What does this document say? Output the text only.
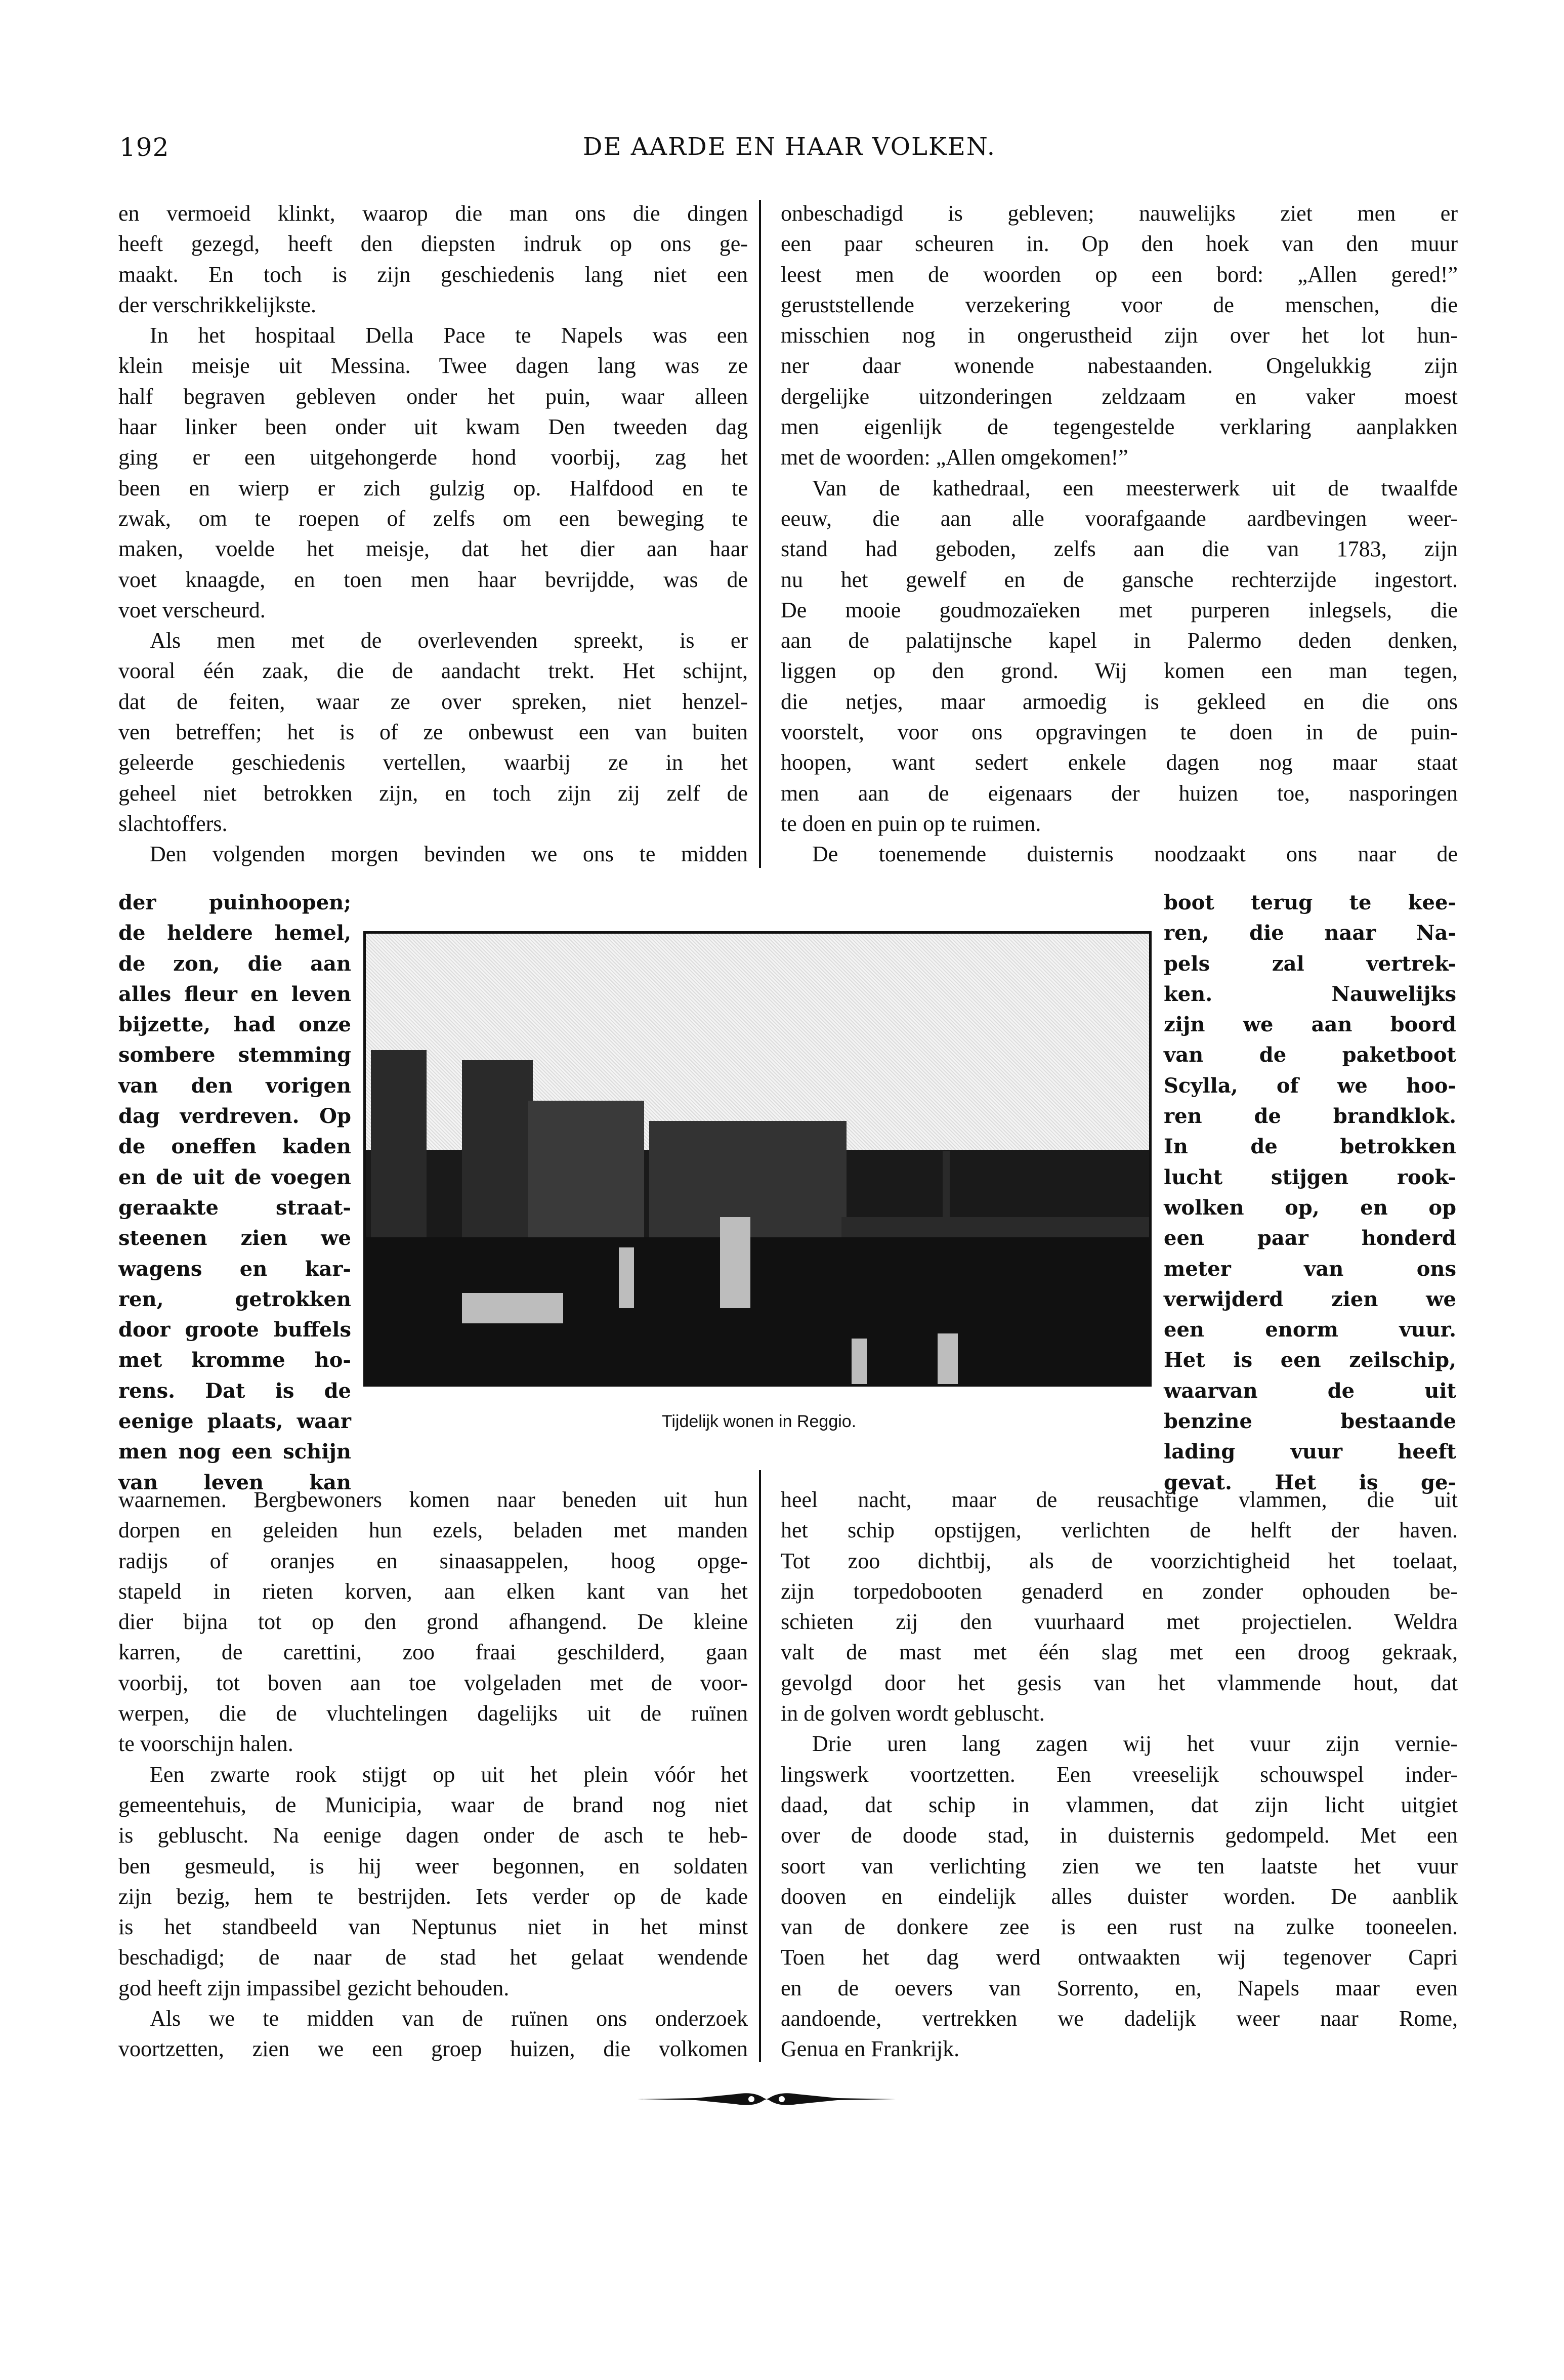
192	DE AARDE EN HAAR VOLKEN.
en vermoeid klinkt, waarop die man ons die dingen
heeft gezegd, heeft den diepsten indruk op ons ge-
maakt. En toch is zijn geschiedenis lang niet een
der verschrikkelijkste.
In het hospitaal Della Pace te Napels was een
klein meisje uit Messina. Twee dagen lang was ze
half begraven gebleven onder het puin, waar alleen
haar linker been onder uit kwam Den tweeden dag
ging er een uitgehongerde hond voorbij, zag het
been en wierp er zich gulzig op. Halfdood en te
zwak, om te roepen of zelfs om een beweging te
maken, voelde het meisje, dat het dier aan haar
voet knaagde, en toen men haar bevrijdde, was de
voet verscheurd.
Als men met de overlevenden spreekt, is er
vooral één zaak, die de aandacht trekt. Het schijnt,
dat de feiten, waar ze over spreken, niet henzel-
ven betreffen; het is of ze onbewust een van buiten
geleerde geschiedenis vertellen, waarbij ze in het
geheel niet betrokken zijn, en toch zijn zij zelf de
slachtoffers.
Den volgenden morgen bevinden we ons te midden
der puinhoopen;
de heldere hemel,
de zon, die aan
alles fleur en leven
bijzette, had onze
sombere stemming
van den vorigen
dag verdreven. Op
de oneffen kaden
en de uit de voegen
geraakte straat-
steenen zien we
wagens en kar-
ren, getrokken
door groote buffels
met kromme ho-
rens. Dat is de
eenige plaats, waar
men nog een schijn
van leven kan
waarnemen. Bergbewoners komen naar beneden uit hun
dorpen en geleiden hun ezels, beladen met manden
radijs of oranjes en sinaasappelen, hoog opge-
stapeld in rieten korven, aan elken kant van het
dier bijna tot op den grond afhangend. De kleine
karren, de carettini, zoo fraai geschilderd, gaan
voorbij, tot boven aan toe volgeladen met de voor-
werpen, die de vluchtelingen dagelijks uit de ruïnen
te voorschijn halen.
Een zwarte rook stijgt op uit het plein vóór het
gemeentehuis, de Municipia, waar de brand nog niet
is gebluscht. Na eenige dagen onder de asch te heb-
ben gesmeuld, is hij weer begonnen, en soldaten
zijn bezig, hem te bestrijden. Iets verder op de kade
is het standbeeld van Neptunus niet in het minst
beschadigd; de naar de stad het gelaat wendende
god heeft zijn impassibel gezicht behouden.
Als we te midden van de ruïnen ons onderzoek
voortzetten, zien we een groep huizen, die volkomen
onbeschadigd is gebleven; nauwelijks ziet men er
een paar scheuren in. Op den hoek van den muur
leest men de woorden op een bord: „Allen gered!”
geruststellende verzekering voor de menschen, die
misschien nog in ongerustheid zijn over het lot hun-
ner daar wonende nabestaanden. Ongelukkig zijn
dergelijke uitzonderingen zeldzaam en vaker moest
men eigenlijk de tegengestelde verklaring aanplakken
met de woorden: „Allen omgekomen!”
Van de kathedraal, een meesterwerk uit de twaalfde
eeuw, die aan alle voorafgaande aardbevingen weer-
stand had geboden, zelfs aan die van 1783, zijn
nu het gewelf en de gansche rechterzijde ingestort.
De mooie goudmozaïeken met purperen inlegsels, die
aan de palatijnsche kapel in Palermo deden denken,
liggen op den grond. Wij komen een man tegen,
die netjes, maar armoedig is gekleed en die ons
voorstelt, voor ons opgravingen te doen in de puin-
hoopen, want sedert enkele dagen nog maar staat
men aan de eigenaars der huizen toe, nasporingen
te doen en puin op te ruimen.
De toenemende duisternis noodzaakt ons naar de
boot terug te kee-
ren, die naar Na-
pels zal vertrek-
ken. Nauwelijks
zijn we aan boord
van de paketboot
Scylla, of we hoo-
ren de brandklok.
In de betrokken
lucht stijgen rook-
wolken op, en op
een paar honderd
meter van ons
verwijderd zien we
een enorm vuur.
Het is een zeilschip,
waarvan de uit
benzine bestaande
lading vuur heeft
gevat. Het is ge-
heel nacht, maar de reusachtige vlammen, die uit
het schip opstijgen, verlichten de helft der haven.
Tot zoo dichtbij, als de voorzichtigheid het toelaat,
zijn torpedobooten genaderd en zonder ophouden be-
schieten zij den vuurhaard met projectielen. Weldra
valt de mast met één slag met een droog gekraak,
gevolgd door het gesis van het vlammende hout, dat
in de golven wordt gebluscht.
Drie uren lang zagen wij het vuur zijn vernie-
lingswerk voortzetten. Een vreeselijk schouwspel inder-
daad, dat schip in vlammen, dat zijn licht uitgiet
over de doode stad, in duisternis gedompeld. Met een
soort van verlichting zien we ten laatste het vuur
dooven en eindelijk alles duister worden. De aanblik
van de donkere zee is een rust na zulke tooneelen.
Toen het dag werd ontwaakten wij tegenover Capri
en de oevers van Sorrento, en, Napels maar even
aandoende, vertrekken we dadelijk weer naar Rome,
Genua en Frankrijk.
Tijdelijk wonen in Reggio.
